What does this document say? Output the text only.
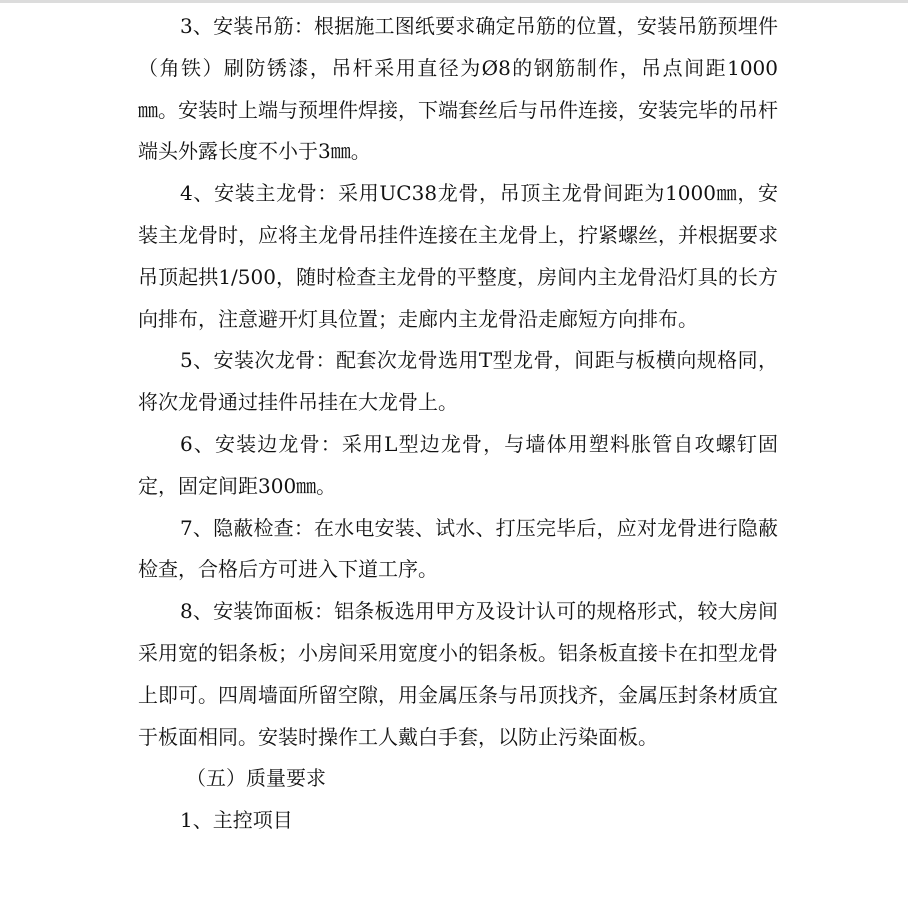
3、安装吊筋：根据施工图纸要求确定吊筋的位置，安装吊筋预埋件（角铁）刷防锈漆，吊杆采用直径为Ø8的钢筋制作，吊点间距1000㎜。安装时上端与预埋件焊接，下端套丝后与吊件连接，安装完毕的吊杆端头外露长度不小于3㎜。

4、安装主龙骨：采用UC38龙骨，吊顶主龙骨间距为1000㎜，安装主龙骨时，应将主龙骨吊挂件连接在主龙骨上，拧紧螺丝，并根据要求吊顶起拱1/500，随时检查主龙骨的平整度，房间内主龙骨沿灯具的长方向排布，注意避开灯具位置；走廊内主龙骨沿走廊短方向排布。

5、安装次龙骨：配套次龙骨选用T型龙骨，间距与板横向规格同，将次龙骨通过挂件吊挂在大龙骨上。

6、安装边龙骨：采用L型边龙骨，与墙体用塑料胀管自攻螺钉固定，固定间距300㎜。

7、隐蔽检查：在水电安装、试水、打压完毕后，应对龙骨进行隐蔽检查，合格后方可进入下道工序。

8、安装饰面板：铝条板选用甲方及设计认可的规格形式，较大房间采用宽的铝条板；小房间采用宽度小的铝条板。铝条板直接卡在扣型龙骨上即可。四周墙面所留空隙，用金属压条与吊顶找齐，金属压封条材质宜于板面相同。安装时操作工人戴白手套，以防止污染面板。

（五）质量要求

1、主控项目
